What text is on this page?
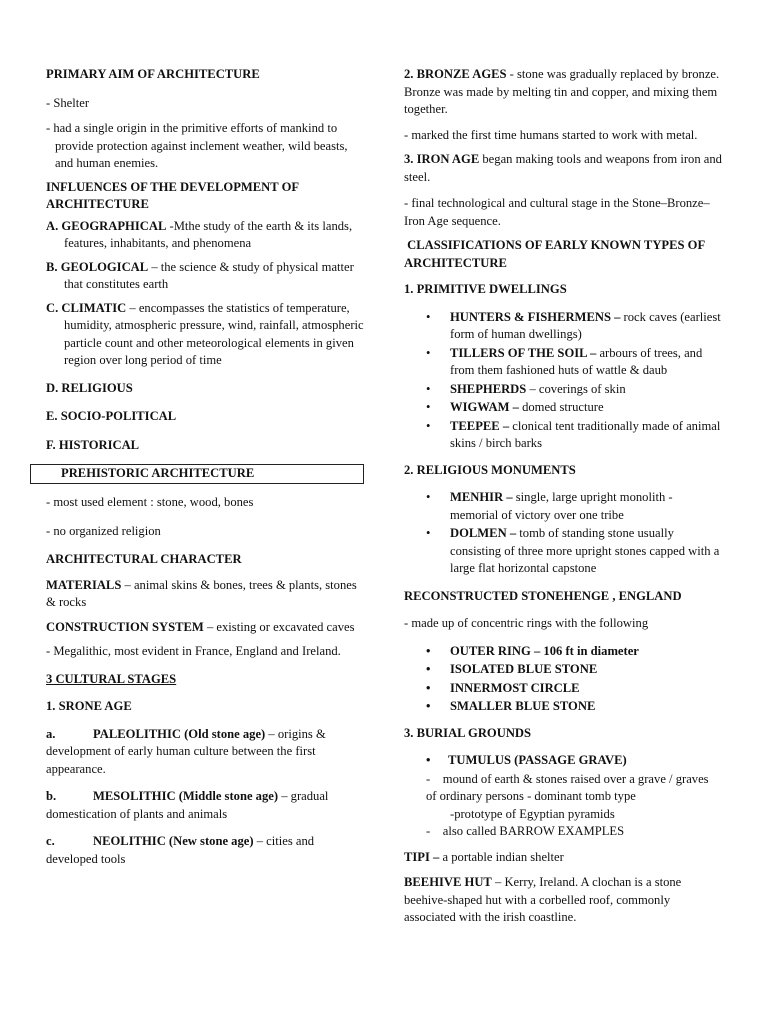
PRIMARY AIM OF ARCHITECTURE
- Shelter
- had a single origin in the primitive efforts of mankind to provide protection against inclement weather, wild beasts, and human enemies.
INFLUENCES OF THE DEVELOPMENT OF ARCHITECTURE
A. GEOGRAPHICAL -Mthe study of the earth & its lands, features, inhabitants, and phenomena
B. GEOLOGICAL – the science & study of physical matter that constitutes earth
C. CLIMATIC – encompasses the statistics of temperature, humidity, atmospheric pressure, wind, rainfall, atmospheric particle count and other meteorological elements in given region over long period of time
D. RELIGIOUS
E. SOCIO-POLITICAL
F. HISTORICAL
PREHISTORIC ARCHITECTURE
- most used element : stone, wood, bones
- no organized religion
ARCHITECTURAL CHARACTER
MATERIALS – animal skins & bones, trees & plants, stones & rocks
CONSTRUCTION SYSTEM – existing or excavated caves
- Megalithic, most evident in France, England and Ireland.
3 CULTURAL STAGES
1. SRONE AGE
a.	PALEOLITHIC (Old stone age) – origins & development of early human culture between the first appearance.
b.	MESOLITHIC (Middle stone age) – gradual domestication of plants and animals
c.	NEOLITHIC (New stone age) – cities and developed tools
2. BRONZE AGES - stone was gradually replaced by bronze. Bronze was made by melting tin and copper, and mixing them together.
- marked the first time humans started to work with metal.
3. IRON AGE began making tools and weapons from iron and steel.
- final technological and cultural stage in the Stone–Bronze–Iron Age sequence.
CLASSIFICATIONS OF EARLY KNOWN TYPES OF ARCHITECTURE
1. PRIMITIVE DWELLINGS
• HUNTERS & FISHERMENS – rock caves (earliest form of human dwellings)
• TILLERS OF THE SOIL – arbours of trees, and from them fashioned huts of wattle & daub
• SHEPHERDS – coverings of skin
• WIGWAM – domed structure
• TEEPEE – clonical tent traditionally made of animal skins / birch barks
2. RELIGIOUS MONUMENTS
• MENHIR – single, large upright monolith - memorial of victory over one tribe
• DOLMEN – tomb of standing stone usually consisting of three more upright stones capped with a large flat horizontal capstone
RECONSTRUCTED STONEHENGE , ENGLAND
- made up of concentric rings with the following
• OUTER RING – 106 ft in diameter
• ISOLATED BLUE STONE
• INNERMOST CIRCLE
• SMALLER BLUE STONE
3. BURIAL GROUNDS
• TUMULUS (PASSAGE GRAVE)
-    mound of earth & stones raised over a grave / graves of ordinary persons - dominant tomb type
-prototype of Egyptian pyramids
-    also called BARROW EXAMPLES
TIPI – a portable indian shelter
BEEHIVE HUT – Kerry, Ireland. A clochan is a stone beehive-shaped hut with a corbelled roof, commonly associated with the irish coastline.
